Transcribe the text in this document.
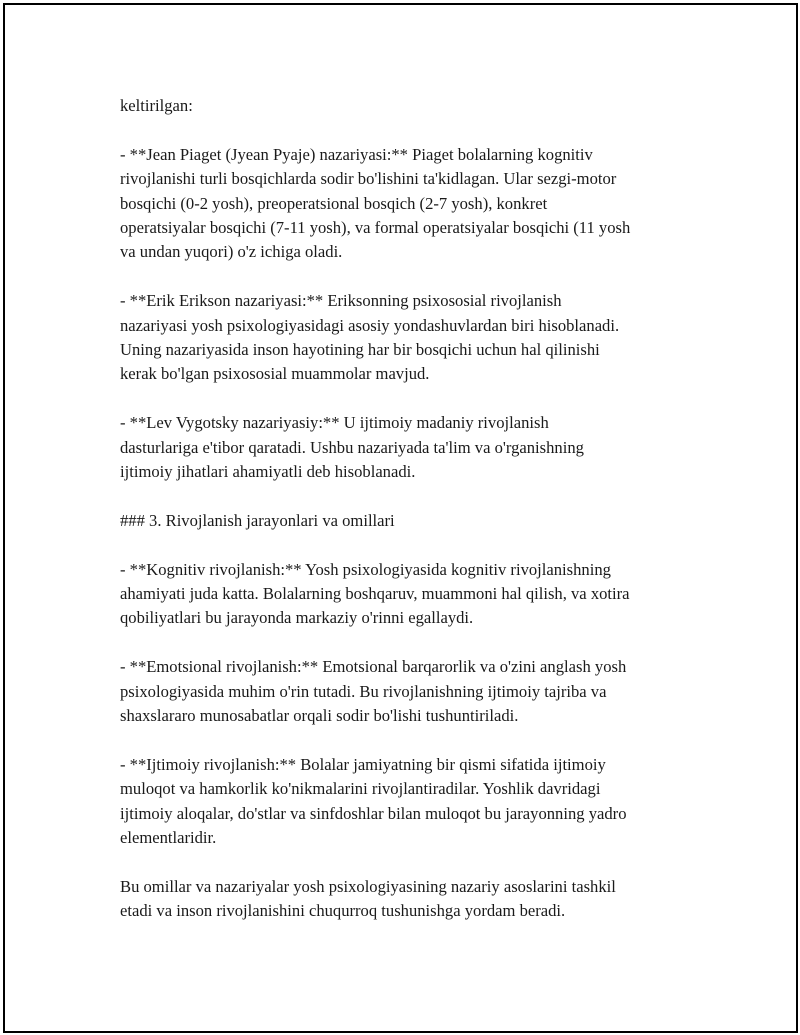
keltirilgan:

- **Jean Piaget (Jyean Pyaje) nazariyasi:** Piaget bolalarning kognitiv
rivojlanishi turli bosqichlarda sodir bo'lishini ta'kidlagan. Ular sezgi-motor
bosqichi (0-2 yosh), preoperatsional bosqich (2-7 yosh), konkret
operatsiyalar bosqichi (7-11 yosh), va formal operatsiyalar bosqichi (11 yosh
va undan yuqori) o'z ichiga oladi.

- **Erik Erikson nazariyasi:** Eriksonning psixososial rivojlanish
nazariyasi yosh psixologiyasidagi asosiy yondashuvlardan biri hisoblanadi.
Uning nazariyasida inson hayotining har bir bosqichi uchun hal qilinishi
kerak bo'lgan psixososial muammolar mavjud.

- **Lev Vygotsky nazariyasiy:** U ijtimoiy madaniy rivojlanish
dasturlariga e'tibor qaratadi. Ushbu nazariyada ta'lim va o'rganishning
ijtimoiy jihatlari ahamiyatli deb hisoblanadi.

### 3. Rivojlanish jarayonlari va omillari

- **Kognitiv rivojlanish:** Yosh psixologiyasida kognitiv rivojlanishning
ahamiyati juda katta. Bolalarning boshqaruv, muammoni hal qilish, va xotira
qobiliyatlari bu jarayonda markaziy o'rinni egallaydi.

- **Emotsional rivojlanish:** Emotsional barqarorlik va o'zini anglash yosh
psixologiyasida muhim o'rin tutadi. Bu rivojlanishning ijtimoiy tajriba va
shaxslararo munosabatlar orqali sodir bo'lishi tushuntiriladi.

- **Ijtimoiy rivojlanish:** Bolalar jamiyatning bir qismi sifatida ijtimoiy
muloqot va hamkorlik ko'nikmalarini rivojlantiradilar. Yoshlik davridagi
ijtimoiy aloqalar, do'stlar va sinfdoshlar bilan muloqot bu jarayonning yadro
elementlaridir.

Bu omillar va nazariyalar yosh psixologiyasining nazariy asoslarini tashkil
etadi va inson rivojlanishini chuqurroq tushunishga yordam beradi.
